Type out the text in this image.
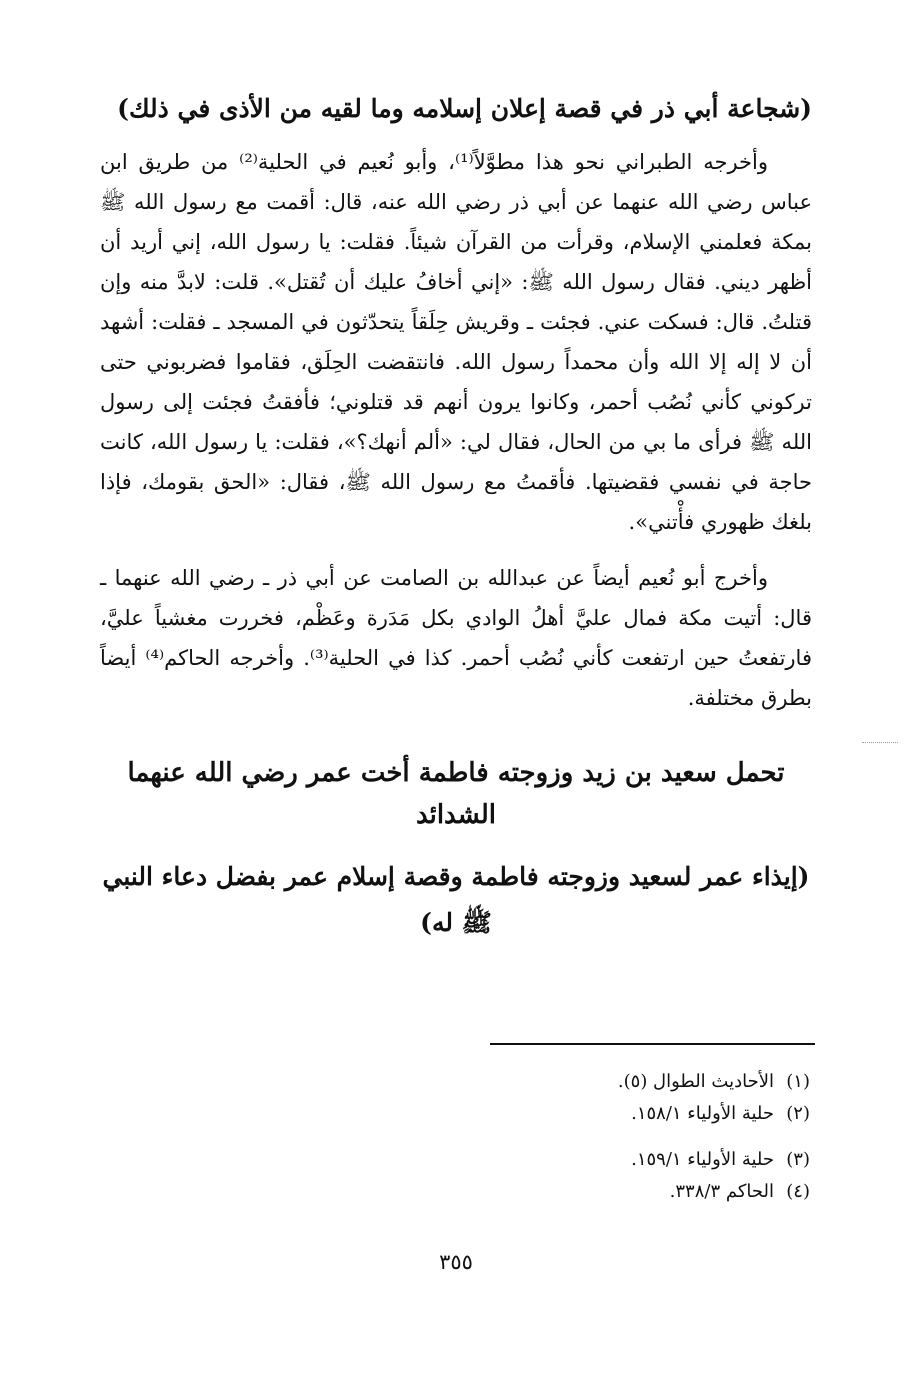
(شجاعة أبي ذر في قصة إعلان إسلامه وما لقيه من الأذى في ذلك)

وأخرجه الطبراني نحو هذا مطوَّلاً⁽¹⁾، وأبو نُعيم في الحلية⁽²⁾ من طريق ابن عباس رضي الله عنهما عن أبي ذر رضي الله عنه، قال: أقمت مع رسول الله ﷺ بمكة فعلمني الإسلام، وقرأت من القرآن شيئاً. فقلت: يا رسول الله، إني أريد أن أظهر ديني. فقال رسول الله ﷺ: «إني أخافُ عليك أن تُقتل». قلت: لابدَّ منه وإن قتلتُ. قال: فسكت عني. فجئت ـ وقريش حِلَقاً يتحدّثون في المسجد ـ فقلت: أشهد أن لا إله إلا الله وأن محمداً رسول الله. فانتقضت الحِلَق، فقاموا فضربوني حتى تركوني كأني نُصُب أحمر، وكانوا يرون أنهم قد قتلوني؛ فأفقتُ فجئت إلى رسول الله ﷺ فرأى ما بي من الحال، فقال لي: «ألم أنهك؟»، فقلت: يا رسول الله، كانت حاجة في نفسي فقضيتها. فأقمتُ مع رسول الله ﷺ، فقال: «الحق بقومك، فإذا بلغك ظهوري فأْتني».

وأخرج أبو نُعيم أيضاً عن عبدالله بن الصامت عن أبي ذر ـ رضي الله عنهما ـ قال: أتيت مكة فمال عليَّ أهلُ الوادي بكل مَدَرة وعَظْم، فخررت مغشياً عليَّ، فارتفعتُ حين ارتفعت كأني نُصُب أحمر. كذا في الحلية⁽³⁾. وأخرجه الحاكم⁽⁴⁾ أيضاً بطرق مختلفة.

تحمل سعيد بن زيد وزوجته فاطمة أخت عمر رضي الله عنهما الشدائد
(إيذاء عمر لسعيد وزوجته فاطمة وقصة إسلام عمر بفضل دعاء النبي ﷺ له)
(١)
الأحاديث الطوال (٥).
(٢)
حلية الأولياء ١٥٨/١.
(٣)
حلية الأولياء ١٥٩/١.
(٤)
الحاكم ٣٣٨/٣.
٣٥٥
